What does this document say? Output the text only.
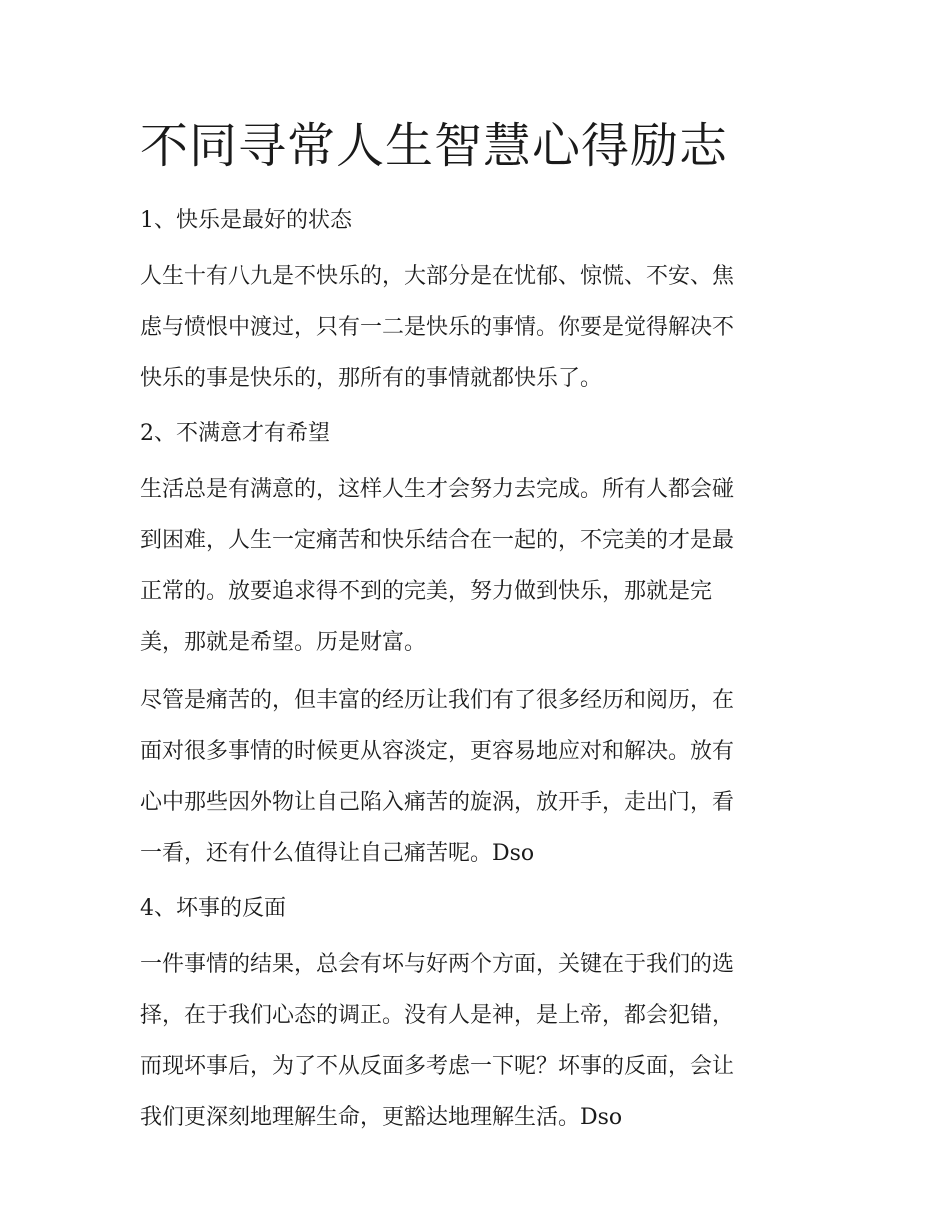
不同寻常人生智慧心得励志
1、快乐是最好的状态

人生十有八九是不快乐的，大部分是在忧郁、惊慌、不安、焦
虑与愤恨中渡过，只有一二是快乐的事情。你要是觉得解决不
快乐的事是快乐的，那所有的事情就都快乐了。

2、不满意才有希望

生活总是有满意的，这样人生才会努力去完成。所有人都会碰
到困难，人生一定痛苦和快乐结合在一起的，不完美的才是最
正常的。放要追求得不到的完美，努力做到快乐，那就是完
美，那就是希望。历是财富。

尽管是痛苦的，但丰富的经历让我们有了很多经历和阅历，在
面对很多事情的时候更从容淡定，更容易地应对和解决。放有
心中那些因外物让自己陷入痛苦的旋涡，放开手，走出门，看
一看，还有什么值得让自己痛苦呢。Dso

4、坏事的反面

一件事情的结果，总会有坏与好两个方面，关键在于我们的选
择，在于我们心态的调正。没有人是神，是上帝，都会犯错，
而现坏事后，为了不从反面多考虑一下呢？坏事的反面，会让
我们更深刻地理解生命，更豁达地理解生活。Dso
